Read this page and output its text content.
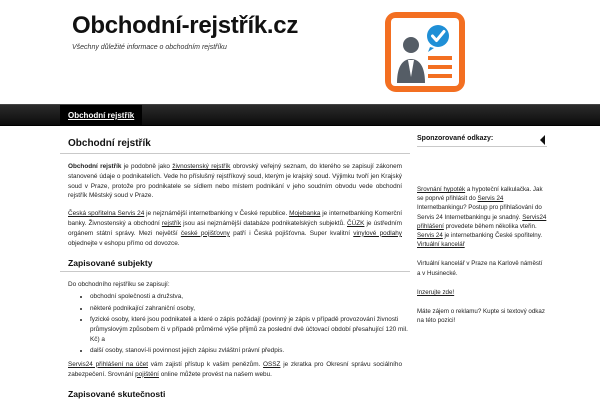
Obchodní-rejstřík.cz
Všechny důležité informace o obchodním rejstříku
Obchodní rejstřík
Obchodní rejstřík

Obchodní rejstřík je podobně jako živnostenský rejstřík obrovský veřejný seznam, do kterého se zapisují zákonem stanovené údaje o podnikatelích. Vede ho příslušný rejstříkový soud, kterým je krajský soud. Výjimku tvoří jen Krajský soud v Praze, protože pro podnikatele se sídlem nebo místem podnikání v jeho soudním obvodu vede obchodní rejstřík Městský soud v Praze.

Česká spořitelna Servis 24 je nejznámější internetbanking v České republice. Mojebanka je internetbanking Komerční banky. Živnostenský a obchodní rejstřík jsou asi nejznámější databáze podnikatelských subjektů. ČÚZK je ústředním orgánem státní správy. Mezi největší české pojišťovny patří i Česká pojišťovna. Super kvalitní vinylové podlahy objednejte v eshopu přímo od dovozce.

Zapisované subjekty

Do obchodního rejstříku se zapisují:

• obchodní společnosti a družstva,
• některé podnikající zahraniční osoby,
• fyzické osoby, které jsou podnikateli a které o zápis požádají (povinný je zápis v případě provozování živnosti průmyslovým způsobem či v případě průměrné výše příjmů za poslední dvě účtovací období přesahující 120 mil. Kč) a
• další osoby, stanoví-li povinnost jejich zápisu zvláštní právní předpis.

Servis24 přihlášení na účet vám zajistí přístup k vašim penězům. OSSZ je zkratka pro Okresní správu sociálního zabezpečení. Srovnání pojištění online můžete provést na našem webu.

Zapisované skutečnosti
Sponzorované odkazy:

Srovnání hypoték a hypoteční kalkulačka. Jak se poprvé přihlásit do Servis 24 Internetbankingu? Postup pro přihlašování do Servis 24 Internetbankingu je snadný. Servis24 přihlášení provedete během několika vteřin. Servis 24 je internetbanking České spořitelny. Virtuální kancelář

Virtuální kancelář v Praze na Karlově náměstí a v Husinecké.

Inzerujte zde!

Máte zájem o reklamu? Kupte si textový odkaz na této pozici!
